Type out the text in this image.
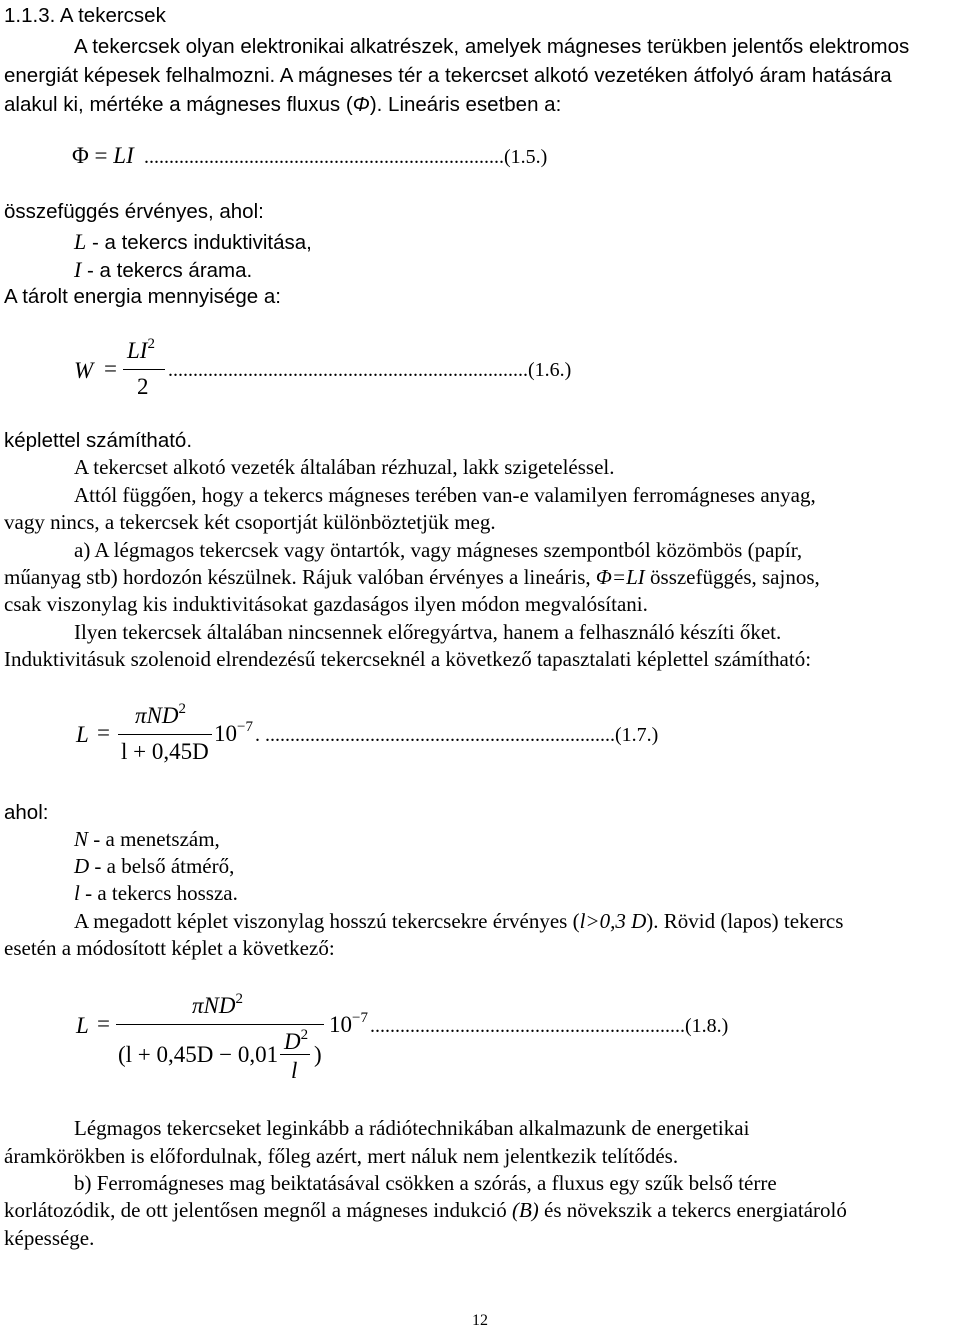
1.1.3. A tekercsek
A tekercsek olyan elektronikai alkatrészek, amelyek mágneses terükben jelentős elektromos
energiát képesek felhalmozni. A mágneses tér a tekercset alkotó vezetéken átfolyó áram hatására
alakul ki, mértéke a mágneses fluxus (Φ). Lineáris esetben a:
Φ = LI ........................................................................(1.5.)
összefüggés érvényes, ahol:
L - a tekercs induktivitása,
I - a tekercs árama.
A tárolt energia mennyisége a:
W =
$LI^2$
2
........................................................................(1.6.)
képlettel számítható.
A tekercset alkotó vezeték általában rézhuzal, lakk szigeteléssel.
Attól függően, hogy a tekercs mágneses terében van-e valamilyen ferromágneses anyag,
vagy nincs, a tekercsek két csoportját különböztetjük meg.
a) A légmagos tekercsek vagy öntartók, vagy mágneses szempontból közömbös (papír,
műanyag stb) hordozón készülnek. Rájuk valóban érvényes a lineáris, Φ=LI összefüggés, sajnos,
csak viszonylag kis induktivitásokat gazdaságos ilyen módon megvalósítani.
Ilyen tekercsek általában nincsennek előregyártva, hanem a felhasználó készíti őket.
Induktivitásuk szolenoid elrendezésű tekercseknél a következő tapasztalati képlettel számítható:
L =
πND$^2$
l + 0,45D
$10^{-7}$ . ......................................................................(1.7.)
ahol:
N - a menetszám,
D - a belső átmérő,
l - a tekercs hossza.
A megadott képlet viszonylag hosszú tekercsekre érvényes (l>0,3 D). Rövid (lapos) tekercs
esetén a módosított képlet a következő:
L =
πND$^2$
(l + 0,45D − 0,01
$D^2$
l
)
$10^{-7}$ ...............................................................(1.8.)
Légmagos tekercseket leginkább a rádiótechnikában alkalmazunk de energetikai
áramkörökben is előfordulnak, főleg azért, mert náluk nem jelentkezik telítődés.
b) Ferromágneses mag beiktatásával csökken a szórás, a fluxus egy szűk belső térre
korlátozódik, de ott jelentősen megnől a mágneses indukció (B) és növekszik a tekercs energiatároló
képessége.
12
